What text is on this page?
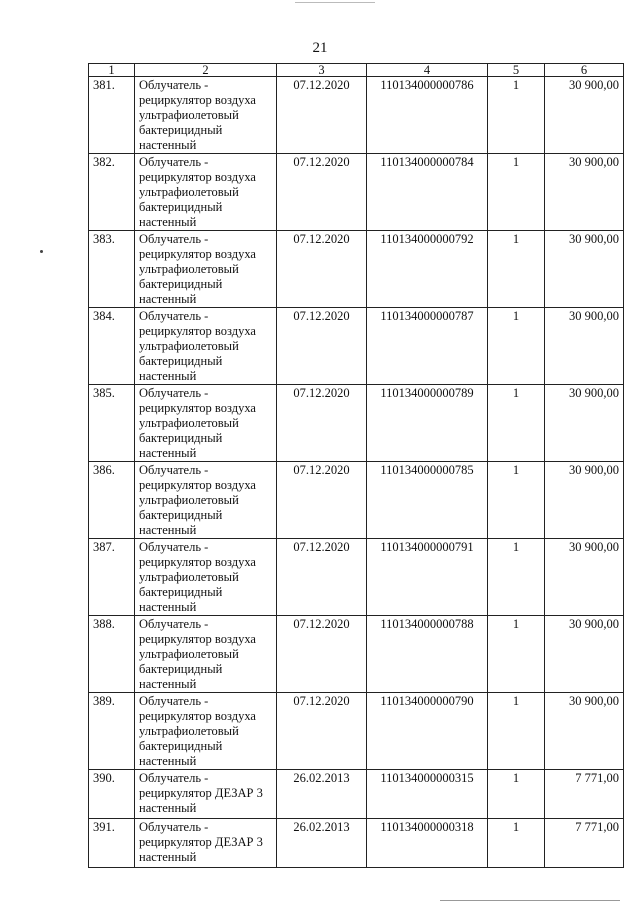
21
1	2	3	4	5	6
381.	Облучатель -
рециркулятор воздуха
ультрафиолетовый
бактерицидный
настенный	07.12.2020	110134000000786	1	30 900,00
382.	Облучатель -
рециркулятор воздуха
ультрафиолетовый
бактерицидный
настенный	07.12.2020	110134000000784	1	30 900,00
383.	Облучатель -
рециркулятор воздуха
ультрафиолетовый
бактерицидный
настенный	07.12.2020	110134000000792	1	30 900,00
384.	Облучатель -
рециркулятор воздуха
ультрафиолетовый
бактерицидный
настенный	07.12.2020	110134000000787	1	30 900,00
385.	Облучатель -
рециркулятор воздуха
ультрафиолетовый
бактерицидный
настенный	07.12.2020	110134000000789	1	30 900,00
386.	Облучатель -
рециркулятор воздуха
ультрафиолетовый
бактерицидный
настенный	07.12.2020	110134000000785	1	30 900,00
387.	Облучатель -
рециркулятор воздуха
ультрафиолетовый
бактерицидный
настенный	07.12.2020	110134000000791	1	30 900,00
388.	Облучатель -
рециркулятор воздуха
ультрафиолетовый
бактерицидный
настенный	07.12.2020	110134000000788	1	30 900,00
389.	Облучатель -
рециркулятор воздуха
ультрафиолетовый
бактерицидный
настенный	07.12.2020	110134000000790	1	30 900,00
390.	Облучатель -
рециркулятор ДЕЗАР 3
настенный	26.02.2013	110134000000315	1	7 771,00
391.	Облучатель -
рециркулятор ДЕЗАР 3
настенный	26.02.2013	110134000000318	1	7 771,00
